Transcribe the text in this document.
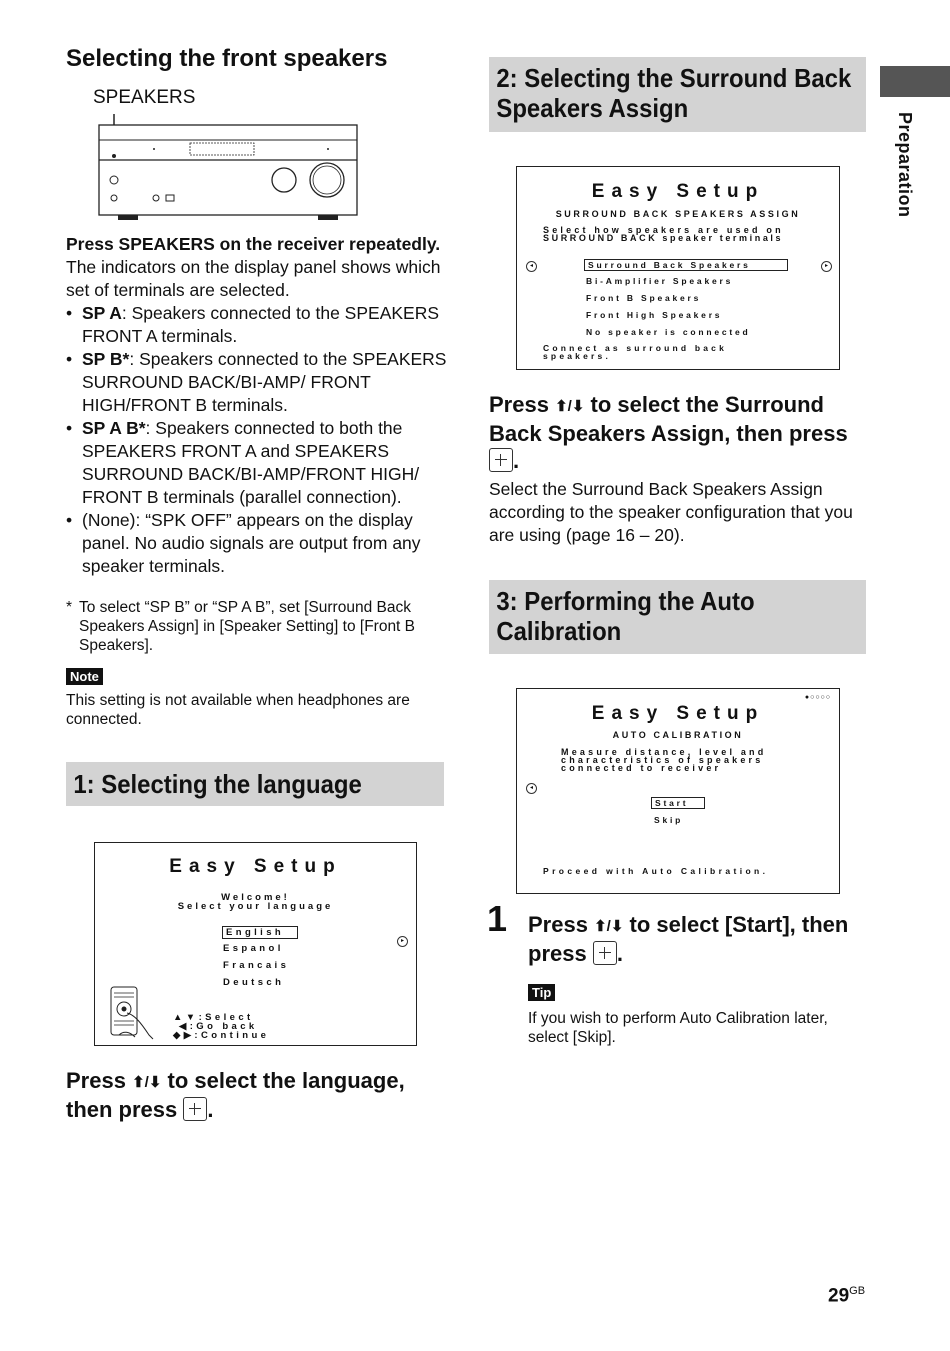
Selecting the front speakers
SPEAKERS
Press SPEAKERS on the receiver repeatedly.
The indicators on the display panel shows which set of terminals are selected.
• SP A: Speakers connected to the SPEAKERS FRONT A terminals.
• SP B*: Speakers connected to the SPEAKERS SURROUND BACK/BI-AMP/ FRONT HIGH/FRONT B terminals.
• SP A B*: Speakers connected to both the SPEAKERS FRONT A and SPEAKERS SURROUND BACK/BI-AMP/FRONT HIGH/ FRONT B terminals (parallel connection).
• (None): “SPK OFF” appears on the display panel. No audio signals are output from any speaker terminals.
* To select “SP B” or “SP A B”, set [Surround Back Speakers Assign] in [Speaker Setting] to [Front B Speakers].
Note
This setting is not available when headphones are connected.
1: Selecting the language
Easy Setup
Welcome!
Select your language
English
Espanol
Francais
Deutsch
▸
▲▼:Select
◀:Go back
◆▶:Continue
Press ⬆/⬇ to select the language,
then press .
2: Selecting the Surround Back
Speakers Assign
Easy Setup
SURROUND BACK SPEAKERS ASSIGN
Select how speakers are used on
SURROUND BACK speaker terminals
◂	▸
Surround Back Speakers
Bi-Amplifier Speakers
Front B Speakers
Front High Speakers
No speaker is connected
Connect as surround back
speakers.
Press ⬆/⬇ to select the Surround
Back Speakers Assign, then press
.
Select the Surround Back Speakers Assign according to the speaker configuration that you are using (page 16 – 20).
3: Performing the Auto
Calibration
●○○○○
Easy Setup
AUTO CALIBRATION
Measure distance, level and
characteristics of speakers
connected to receiver
◂
Start
Skip
Proceed with Auto Calibration.
1 Press ⬆/⬇ to select [Start], then
press .
Tip
If you wish to perform Auto Calibration later, select [Skip].
Preparation
$29^{GB}$
